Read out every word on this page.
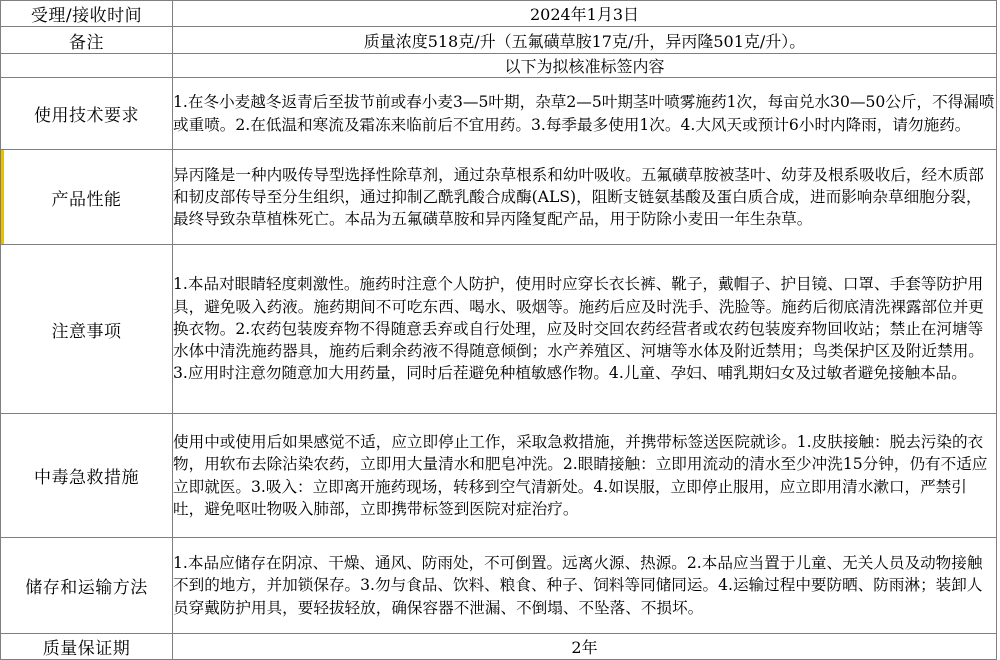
受理/接收时间	2024年1月3日
备注	质量浓度518克/升（五氟磺草胺17克/升，异丙隆501克/升）。
	以下为拟核准标签内容
使用技术要求	1.在冬小麦越冬返青后至拔节前或春小麦3—5叶期，杂草2—5叶期茎叶喷雾施药1次，每亩兑水30—50公斤，不得漏喷或重喷。2.在低温和寒流及霜冻来临前后不宜用药。3.每季最多使用1次。4.大风天或预计6小时内降雨，请勿施药。
产品性能	异丙隆是一种内吸传导型选择性除草剂，通过杂草根系和幼叶吸收。五氟磺草胺被茎叶、幼芽及根系吸收后，经木质部和韧皮部传导至分生组织，通过抑制乙酰乳酸合成酶(ALS)，阻断支链氨基酸及蛋白质合成，进而影响杂草细胞分裂，最终导致杂草植株死亡。本品为五氟磺草胺和异丙隆复配产品，用于防除小麦田一年生杂草。
注意事项	1.本品对眼睛轻度刺激性。施药时注意个人防护，使用时应穿长衣长裤、靴子，戴帽子、护目镜、口罩、手套等防护用具，避免吸入药液。施药期间不可吃东西、喝水、吸烟等。施药后应及时洗手、洗脸等。施药后彻底清洗裸露部位并更换衣物。2.农药包装废弃物不得随意丢弃或自行处理，应及时交回农药经营者或农药包装废弃物回收站；禁止在河塘等水体中清洗施药器具，施药后剩余药液不得随意倾倒；水产养殖区、河塘等水体及附近禁用；鸟类保护区及附近禁用。3.应用时注意勿随意加大用药量，同时后茬避免种植敏感作物。4.儿童、孕妇、哺乳期妇女及过敏者避免接触本品。
中毒急救措施	使用中或使用后如果感觉不适，应立即停止工作，采取急救措施，并携带标签送医院就诊。1.皮肤接触：脱去污染的衣物，用软布去除沾染农药，立即用大量清水和肥皂冲洗。2.眼睛接触：立即用流动的清水至少冲洗15分钟，仍有不适应立即就医。3.吸入：立即离开施药现场，转移到空气清新处。4.如误服，立即停止服用，应立即用清水漱口，严禁引吐，避免呕吐物吸入肺部，立即携带标签到医院对症治疗。
储存和运输方法	1.本品应储存在阴凉、干燥、通风、防雨处，不可倒置。远离火源、热源。2.本品应当置于儿童、无关人员及动物接触不到的地方，并加锁保存。3.勿与食品、饮料、粮食、种子、饲料等同储同运。4.运输过程中要防晒、防雨淋；装卸人员穿戴防护用具，要轻拔轻放，确保容器不泄漏、不倒塌、不坠落、不损坏。
质量保证期	2年
